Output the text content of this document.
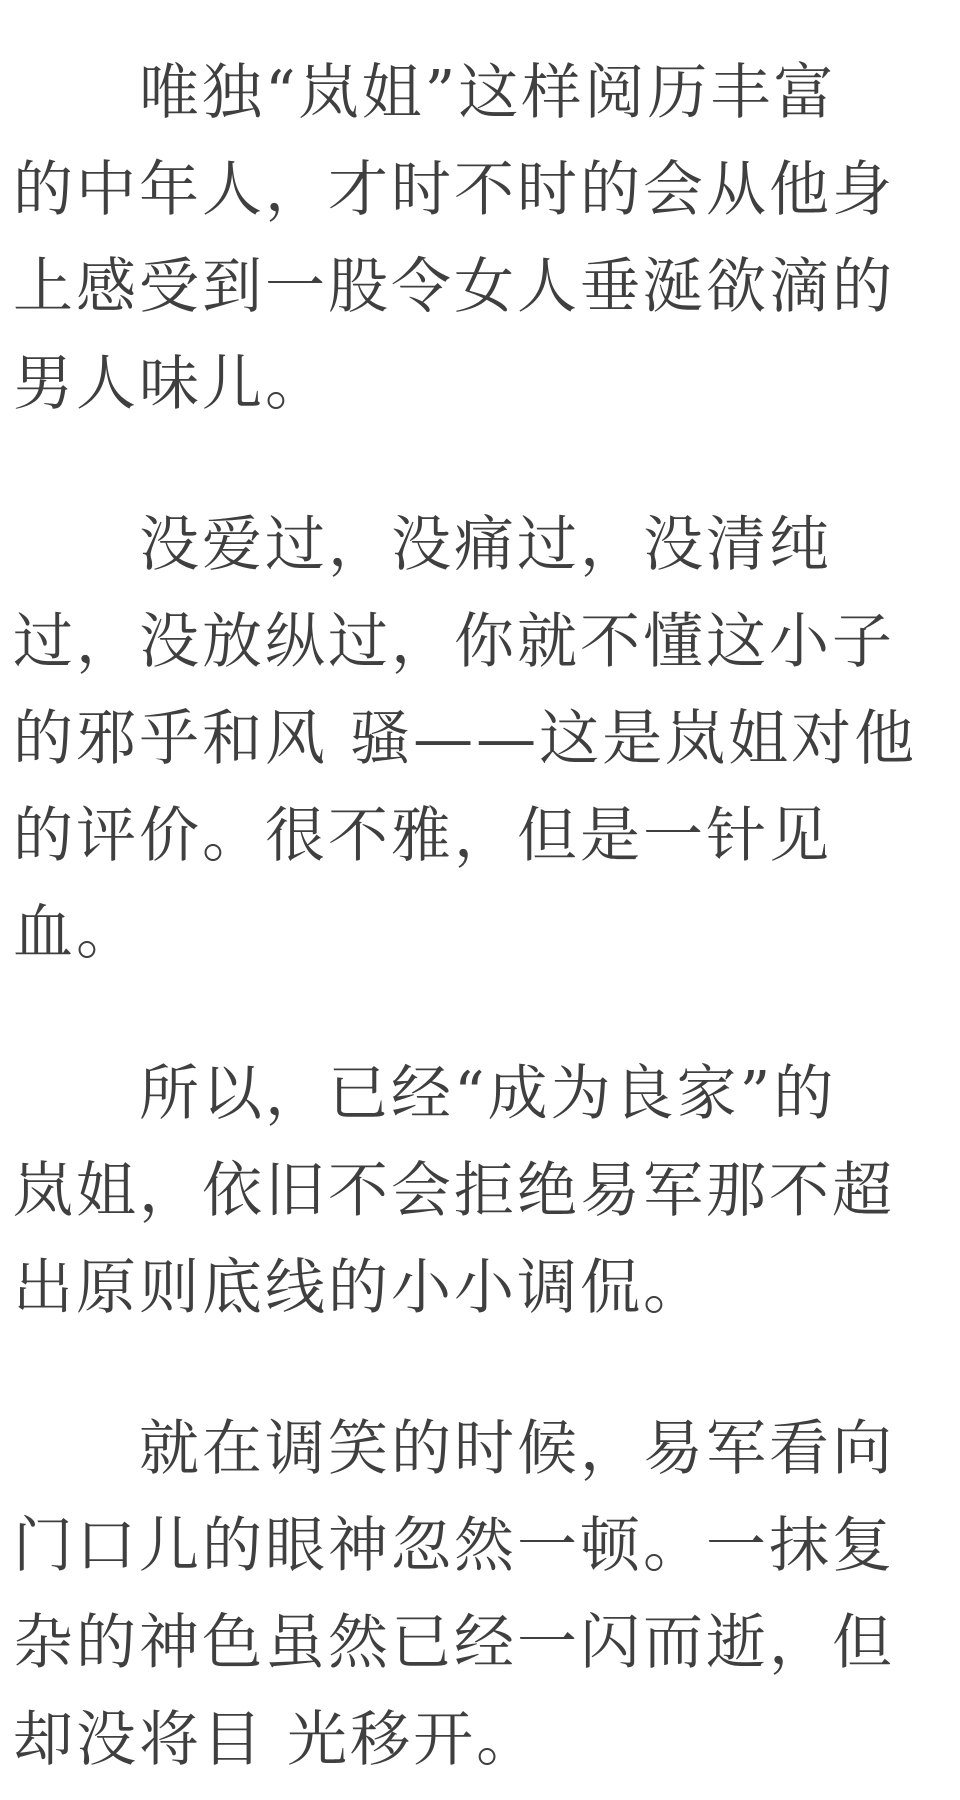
唯独“岚姐”这样阅历丰富
的中年人，才时不时的会从他身
上感受到一股令女人垂涎欲滴的
男人味儿。
没爱过，没痛过，没清纯
过，没放纵过，你就不懂这小子
的邪乎和风 骚——这是岚姐对他
的评价。很不雅，但是一针见
血。
所以，已经“成为良家”的
岚姐，依旧不会拒绝易军那不超
出原则底线的小小调侃。
就在调笑的时候，易军看向
门口儿的眼神忽然一顿。一抹复
杂的神色虽然已经一闪而逝，但
却没将目 光移开。
